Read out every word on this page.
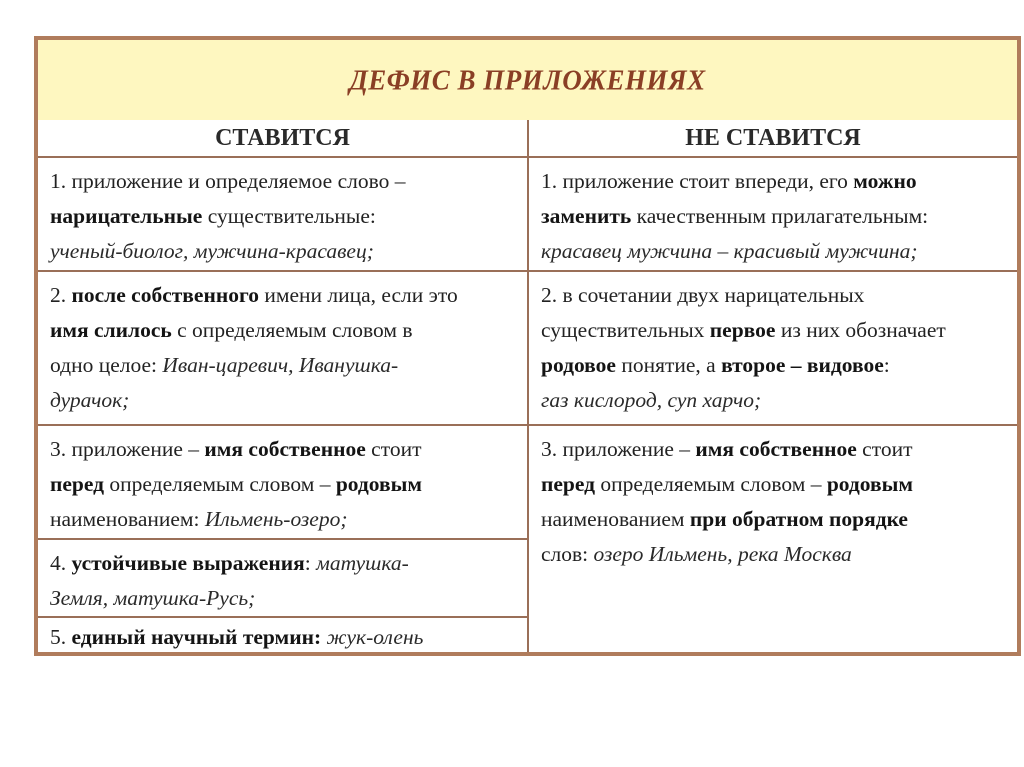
ДЕФИС В ПРИЛОЖЕНИЯХ
СТАВИТСЯ	НЕ СТАВИТСЯ
1. приложение и определяемое слово –
нарицательные существительные:
ученый-биолог, мужчина-красавец;
2. после собственного имени лица, если это
имя слилось с определяемым словом в
одно целое: Иван-царевич, Иванушка-
дурачок;
3. приложение – имя собственное стоит
перед определяемым словом – родовым
наименованием: Ильмень-озеро;
4. устойчивые выражения: матушка-
Земля, матушка-Русь;
5. единый научный термин: жук-олень
1. приложение стоит впереди, его можно
заменить качественным прилагательным:
красавец мужчина – красивый мужчина;
2. в сочетании двух нарицательных
существительных первое из них обозначает
родовое понятие, а второе – видовое:
газ кислород, суп харчо;
3. приложение – имя собственное стоит
перед определяемым словом – родовым
наименованием при обратном порядке
слов: озеро Ильмень, река Москва
